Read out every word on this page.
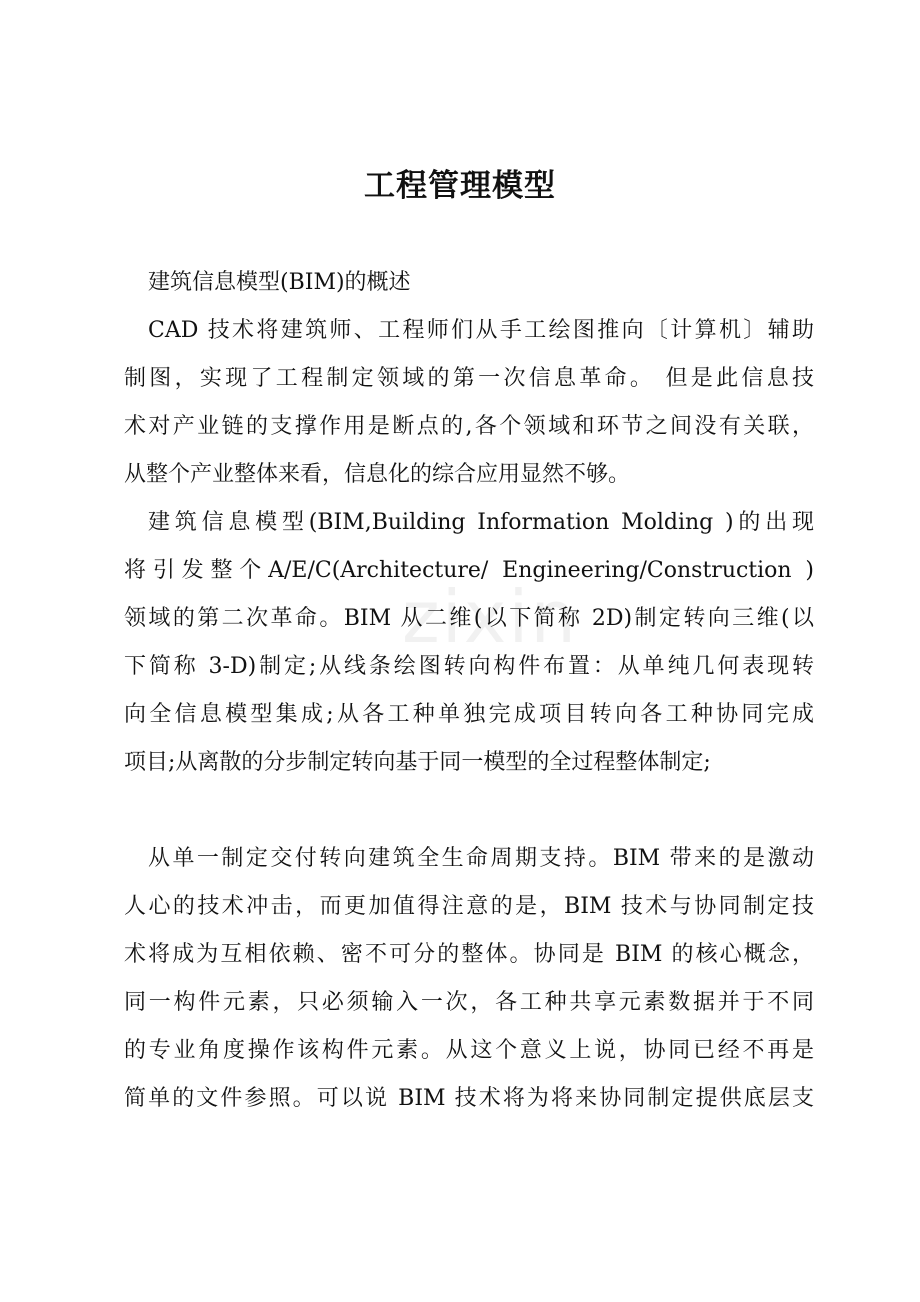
zixin
工程管理模型
建筑信息模型(BIM)的概述
CAD 技术将建筑师、工程师们从手工绘图推向〔计算机〕辅助
制图，实现了工程制定领域的第一次信息革命。 但是此信息技
术对产业链的支撑作用是断点的,各个领域和环节之间没有关联，
从整个产业整体来看，信息化的综合应用显然不够。
建筑信息模型(BIM,Building Information Molding )的出现
将引发整个A/E/C(Architecture/ Engineering/Construction )
领域的第二次革命。BIM 从二维(以下简称 2D)制定转向三维(以
下简称 3-D)制定;从线条绘图转向构件布置：从单纯几何表现转
向全信息模型集成;从各工种单独完成项目转向各工种协同完成
项目;从离散的分步制定转向基于同一模型的全过程整体制定;
从单一制定交付转向建筑全生命周期支持。BIM 带来的是激动
人心的技术冲击，而更加值得注意的是，BIM 技术与协同制定技
术将成为互相依赖、密不可分的整体。协同是 BIM 的核心概念，
同一构件元素，只必须输入一次，各工种共享元素数据并于不同
的专业角度操作该构件元素。从这个意义上说，协同已经不再是
简单的文件参照。可以说 BIM 技术将为将来协同制定提供底层支
